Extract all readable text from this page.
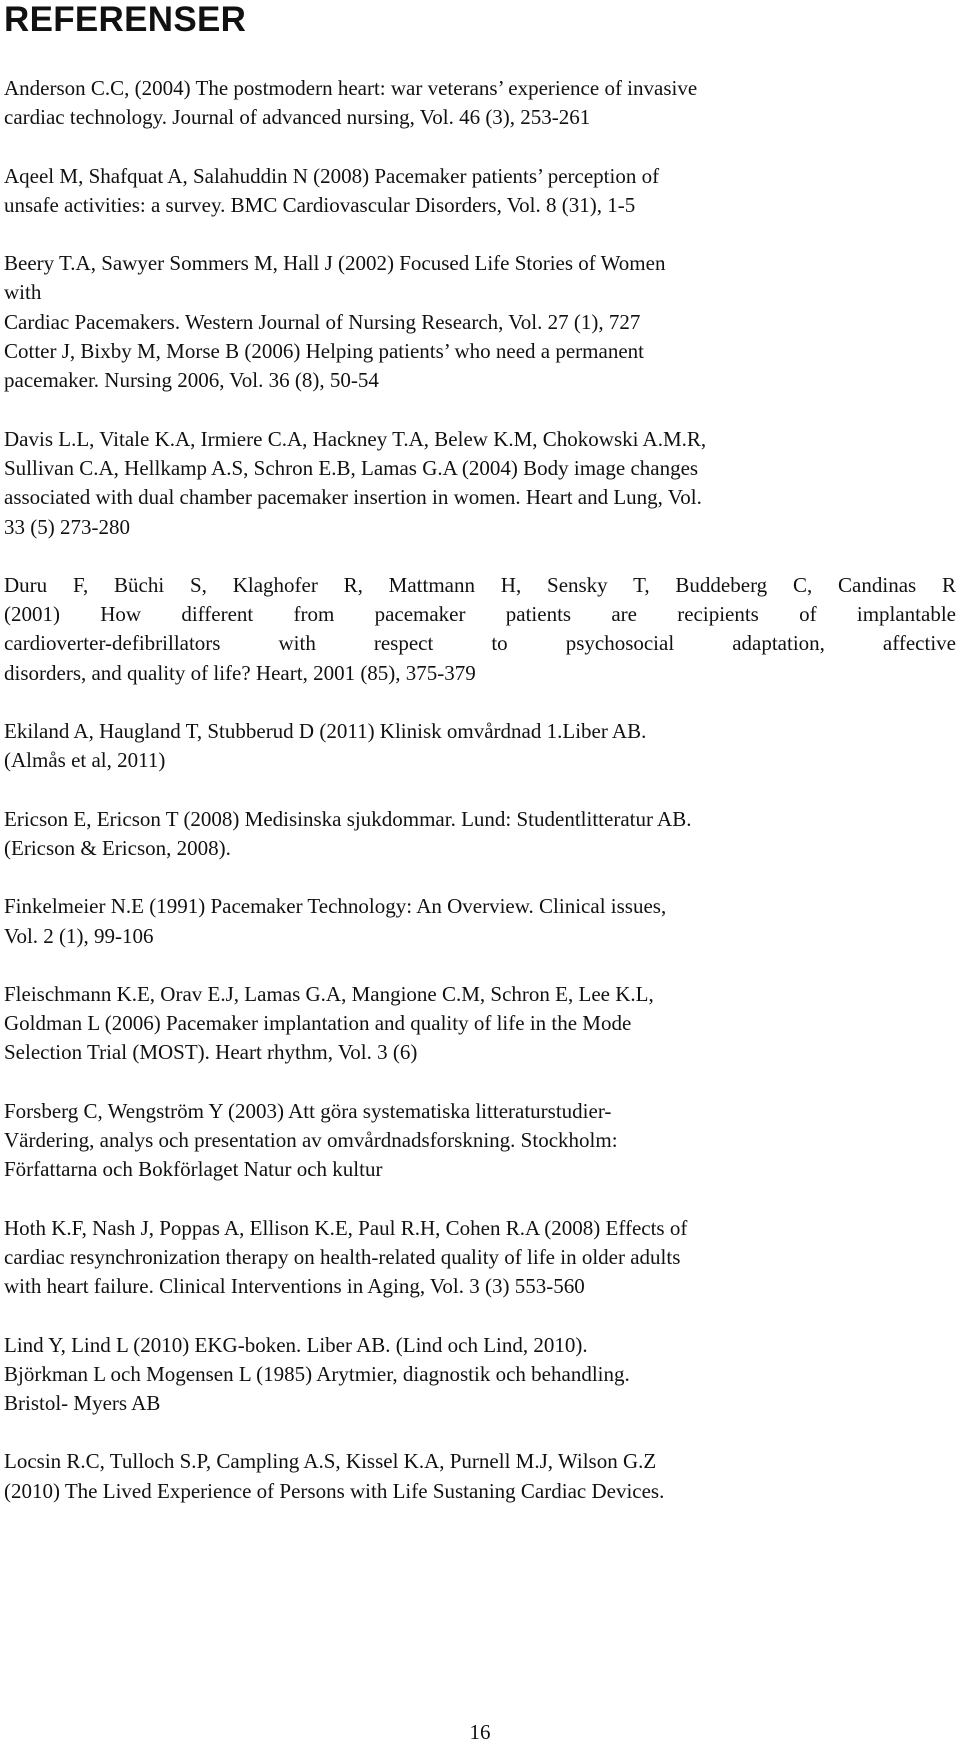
REFERENSER
Anderson C.C, (2004) The postmodern heart: war veterans’ experience of invasive
cardiac technology. Journal of advanced nursing, Vol. 46 (3), 253-261
Aqeel M, Shafquat A, Salahuddin N (2008) Pacemaker patients’ perception of
unsafe activities: a survey. BMC Cardiovascular Disorders, Vol. 8 (31), 1-5
Beery T.A, Sawyer Sommers M, Hall J (2002) Focused Life Stories of Women
with
Cardiac Pacemakers. Western Journal of Nursing Research, Vol. 27 (1), 727
Cotter J, Bixby M, Morse B (2006) Helping patients’ who need a permanent
pacemaker. Nursing 2006, Vol. 36 (8), 50-54
Davis L.L, Vitale K.A, Irmiere C.A, Hackney T.A, Belew K.M, Chokowski A.M.R,
Sullivan C.A, Hellkamp A.S, Schron E.B, Lamas G.A (2004) Body image changes
associated with dual chamber pacemaker insertion in women. Heart and Lung, Vol.
33 (5) 273-280
Duru F, Büchi S, Klaghofer R, Mattmann H, Sensky T, Buddeberg C, Candinas R
(2001) How different from pacemaker patients are recipients of implantable
cardioverter-defibrillators with respect to psychosocial adaptation, affective
disorders, and quality of life? Heart, 2001 (85), 375-379
Ekiland A, Haugland T, Stubberud D (2011) Klinisk omvårdnad 1.Liber AB.
(Almås et al, 2011)
Ericson E, Ericson T (2008) Medisinska sjukdommar. Lund: Studentlitteratur AB.
(Ericson & Ericson, 2008).
Finkelmeier N.E (1991) Pacemaker Technology: An Overview. Clinical issues,
Vol. 2 (1), 99-106
Fleischmann K.E, Orav E.J, Lamas G.A, Mangione C.M, Schron E, Lee K.L,
Goldman L (2006) Pacemaker implantation and quality of life in the Mode
Selection Trial (MOST). Heart rhythm, Vol. 3 (6)
Forsberg C, Wengström Y (2003) Att göra systematiska litteraturstudier-
Värdering, analys och presentation av omvårdnadsforskning. Stockholm:
Författarna och Bokförlaget Natur och kultur
Hoth K.F, Nash J, Poppas A, Ellison K.E, Paul R.H, Cohen R.A (2008) Effects of
cardiac resynchronization therapy on health-related quality of life in older adults
with heart failure. Clinical Interventions in Aging, Vol. 3 (3) 553-560
Lind Y, Lind L (2010) EKG-boken. Liber AB. (Lind och Lind, 2010).
Björkman L och Mogensen L (1985) Arytmier, diagnostik och behandling.
Bristol- Myers AB
Locsin R.C, Tulloch S.P, Campling A.S, Kissel K.A, Purnell M.J, Wilson G.Z
(2010) The Lived Experience of Persons with Life Sustaning Cardiac Devices.
16
